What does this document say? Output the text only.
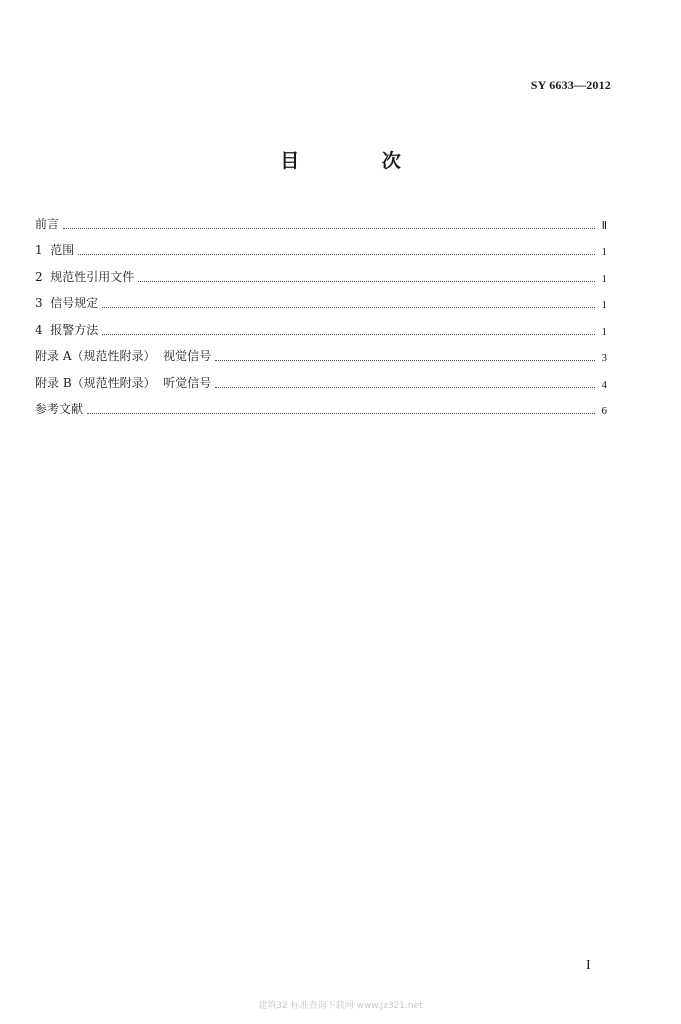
SY 6633—2012
目 次
前言	Ⅱ
1  范围	1
2  规范性引用文件	1
3  信号规定	1
4  报警方法	1
附录 A（规范性附录）  视觉信号	3
附录 B（规范性附录）  听觉信号	4
参考文献	6
I
建筑32 标准查询下载网 www.jz321.net
